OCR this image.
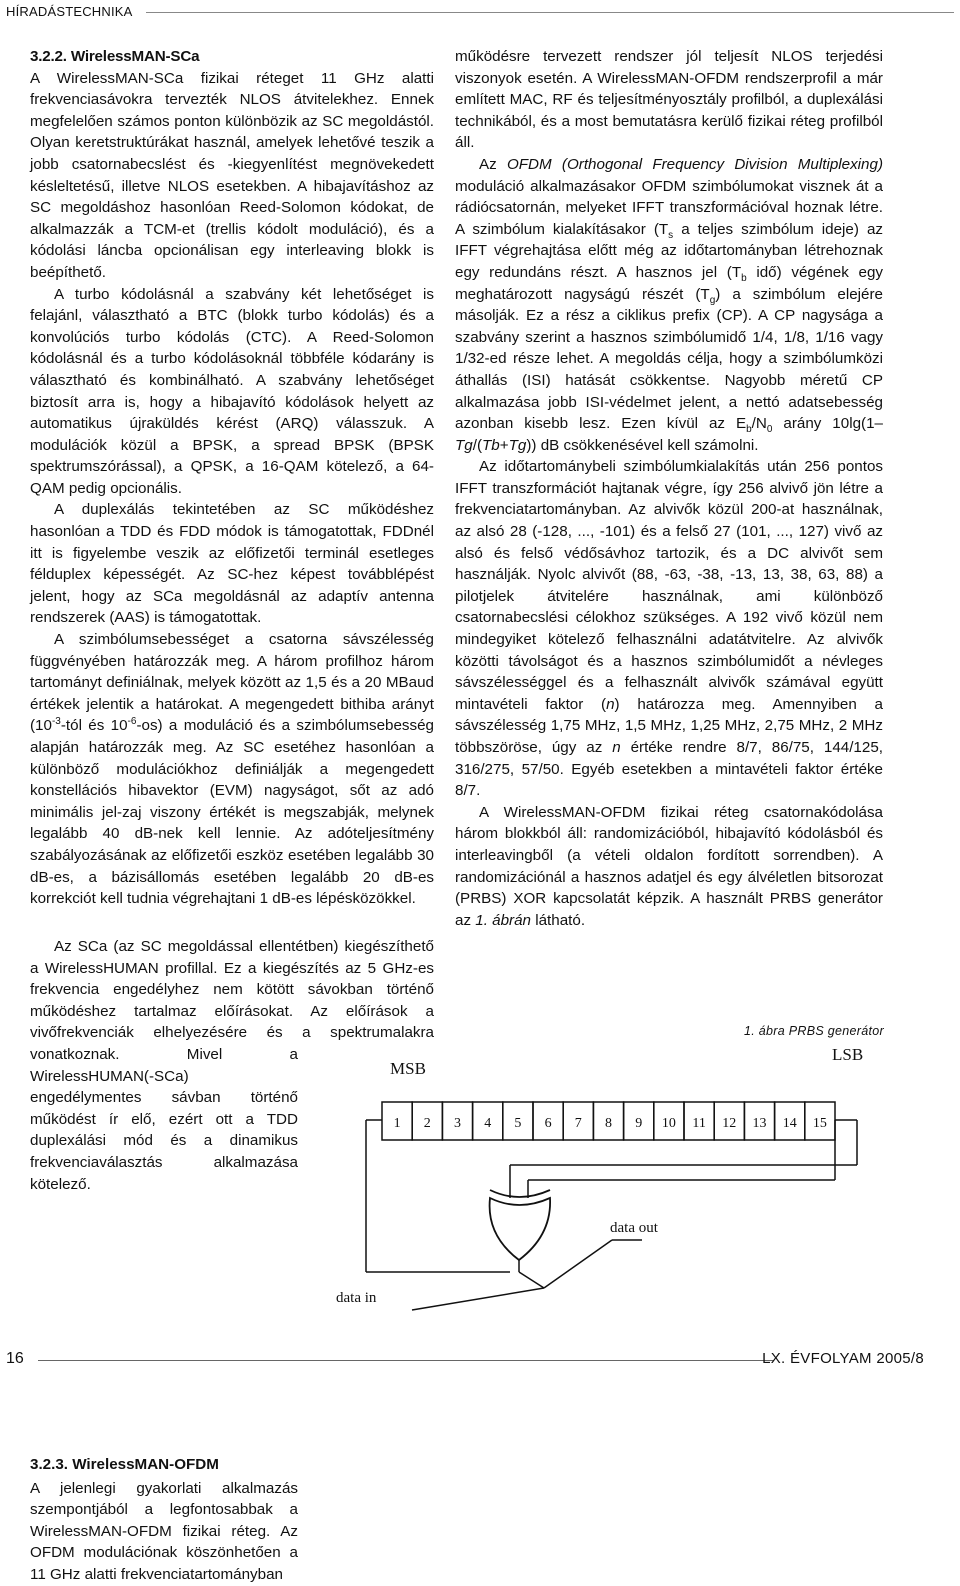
HÍRADÁSTECHNIKA
3.2.2. WirelessMAN-SCa

A WirelessMAN-SCa fizikai réteget 11 GHz alatti frekvenciasávokra tervezték NLOS átvitelekhez. Ennek megfelelően számos ponton különbözik az SC megoldástól. Olyan keretstruktúrákat használ, amelyek lehetővé teszik a jobb csatornabecslést és -kiegyenlítést megnövekedett késleltetésű, illetve NLOS esetekben. A hibajavításhoz az SC megoldáshoz hasonlóan Reed-Solomon kódokat, de alkalmazzák a TCM-et (trellis kódolt moduláció), és a kódolási láncba opcionálisan egy interleaving blokk is beépíthető.

A turbo kódolásnál a szabvány két lehetőséget is felajánl, választható a BTC (blokk turbo kódolás) és a konvolúciós turbo kódolás (CTC). A Reed-Solomon kódolásnál és a turbo kódolásoknál többféle kódarány is választható és kombinálható. A szabvány lehetőséget biztosít arra is, hogy a hibajavító kódolások helyett az automatikus újraküldés kérést (ARQ) válasszuk. A modulációk közül a BPSK, a spread BPSK (BPSK spektrumszórással), a QPSK, a 16-QAM kötelező, a 64-QAM pedig opcionális.

A duplexálás tekintetében az SC működéshez hasonlóan a TDD és FDD módok is támogatottak, FDDnél itt is figyelembe veszik az előfizetői terminál esetleges félduplex képességét. Az SC-hez képest továbblépést jelent, hogy az SCa megoldásnál az adaptív antenna rendszerek (AAS) is támogatottak.

A szimbólumsebességet a csatorna sávszélesség függvényében határozzák meg. A három profilhoz három tartományt definiálnak, melyek között az 1,5 és a 20 MBaud értékek jelentik a határokat. A megengedett bithiba arányt ($10^{-3}$-tól és $10^{-6}-os$) a moduláció és a szimbólumsebesség alapján határozzák meg. Az SC esetéhez hasonlóan a különböző modulációkhoz definiálják a megengedett konstellációs hibavektor (EVM) nagyságot, sőt az adó minimális jel-zaj viszony értékét is megszabják, melynek legalább 40 dB-nek kell lennie. Az adóteljesítmény szabályozásának az előfizetői eszköz esetében legalább 30 dB-es, a bázisállomás esetében legalább 20 dB-es korrekciót kell tudnia végrehajtani 1 dB-es lépésközökkel.

Az SCa (az SC megoldással ellentétben) kiegészíthető a WirelessHUMAN profillal. Ez a kiegészítés az 5 GHz-es frekvencia engedélyhez nem kötött sávokban történő működéshez tartalmaz előírásokat. Az előírások a vivőfrekvenciák elhelyezésére és a spektrumalakra vonatkoznak. Mivel a WirelessHUMAN(-SCa) engedélymentes sávban történő működést ír elő, ezért ott a TDD duplexálási mód és a dinamikus frekvenciaválasztás alkalmazása kötelező.

3.2.3. WirelessMAN-OFDM

A jelenlegi gyakorlati alkalmazás szempontjából a legfontosabbak a WirelessMAN-OFDM fizikai réteg. Az OFDM modulációnak köszönhetően a 11 GHz alatti frekvenciatartományban

működésre tervezett rendszer jól teljesít NLOS terjedési viszonyok esetén. A WirelessMAN-OFDM rendszerprofil a már említett MAC, RF és teljesítményosztály profilból, a duplexálási technikából, és a most bemutatásra kerülő fizikai réteg profilból áll.

Az OFDM (Orthogonal Frequency Division Multiplexing) moduláció alkalmazásakor OFDM szimbólumokat visznek át a rádiócsatornán, melyeket IFFT transzformációval hoznak létre. A szimbólum kialakításakor ($T_s$ a teljes szimbólum ideje) az IFFT végrehajtása előtt még az időtartományban létrehoznak egy redundáns részt. A hasznos jel ($T_b$ idő) végének egy meghatározott nagyságú részét $(T_g)$ a szimbólum elejére másolják. Ez a rész a ciklikus prefix (CP). A CP nagysága a szabvány szerint a hasznos szimbólumidő 1/4, 1/8, 1/16 vagy 1/32-ed része lehet. A megoldás célja, hogy a szimbólumközi áthallás (ISI) hatását csökkentse. Nagyobb méretű CP alkalmazása jobb ISI-védelmet jelent, a nettó adatsebesség azonban kisebb lesz. Ezen kívül az $E_b/N_0$ arány 10lg(1–Tg/(Tb+Tg)) dB csökkenésével kell számolni.

Az időtartománybeli szimbólumkialakítás után 256 pontos IFFT transzformációt hajtanak végre, így 256 alvivő jön létre a frekvenciatartományban. Az alvivők közül 200-at használnak, az alsó 28 (-128, ..., -101) és a felső 27 (101, ..., 127) vivő az alsó és felső védősávhoz tartozik, és a DC alvivőt sem használják. Nyolc alvivőt (88, -63, -38, -13, 13, 38, 63, 88) a pilotjelek átvitelére használnak, ami különböző csatornabecslési célokhoz szükséges. A 192 vivő közül nem mindegyiket kötelező felhasználni adatátvitelre. Az alvivők közötti távolságot és a hasznos szimbólumidőt a névleges sávszélességgel és a felhasznált alvivők számával együtt mintavételi faktor (n) határozza meg. Amennyiben a sávszélesség 1,75 MHz, 1,5 MHz, 1,25 MHz, 2,75 MHz, 2 MHz többszöröse, úgy az n értéke rendre 8/7, 86/75, 144/125, 316/275, 57/50. Egyéb esetekben a mintavételi faktor értéke 8/7.

A WirelessMAN-OFDM fizikai réteg csatornakódolása három blokkból áll: randomizációból, hibajavító kódolásból és interleavingből (a vételi oldalon fordított sorrendben). A randomizációnál a hasznos adatjel és egy álvéletlen bitsorozat (PRBS) XOR kapcsolatát képzik. A használt PRBS generátor az 1. ábrán látható.

1. ábra PRBS generátor
MSB
LSB
1 2 3 4 5 6 7 8 9 10 11 12 13 14 15
data in
data out
16	LX. ÉVFOLYAM 2005/8
